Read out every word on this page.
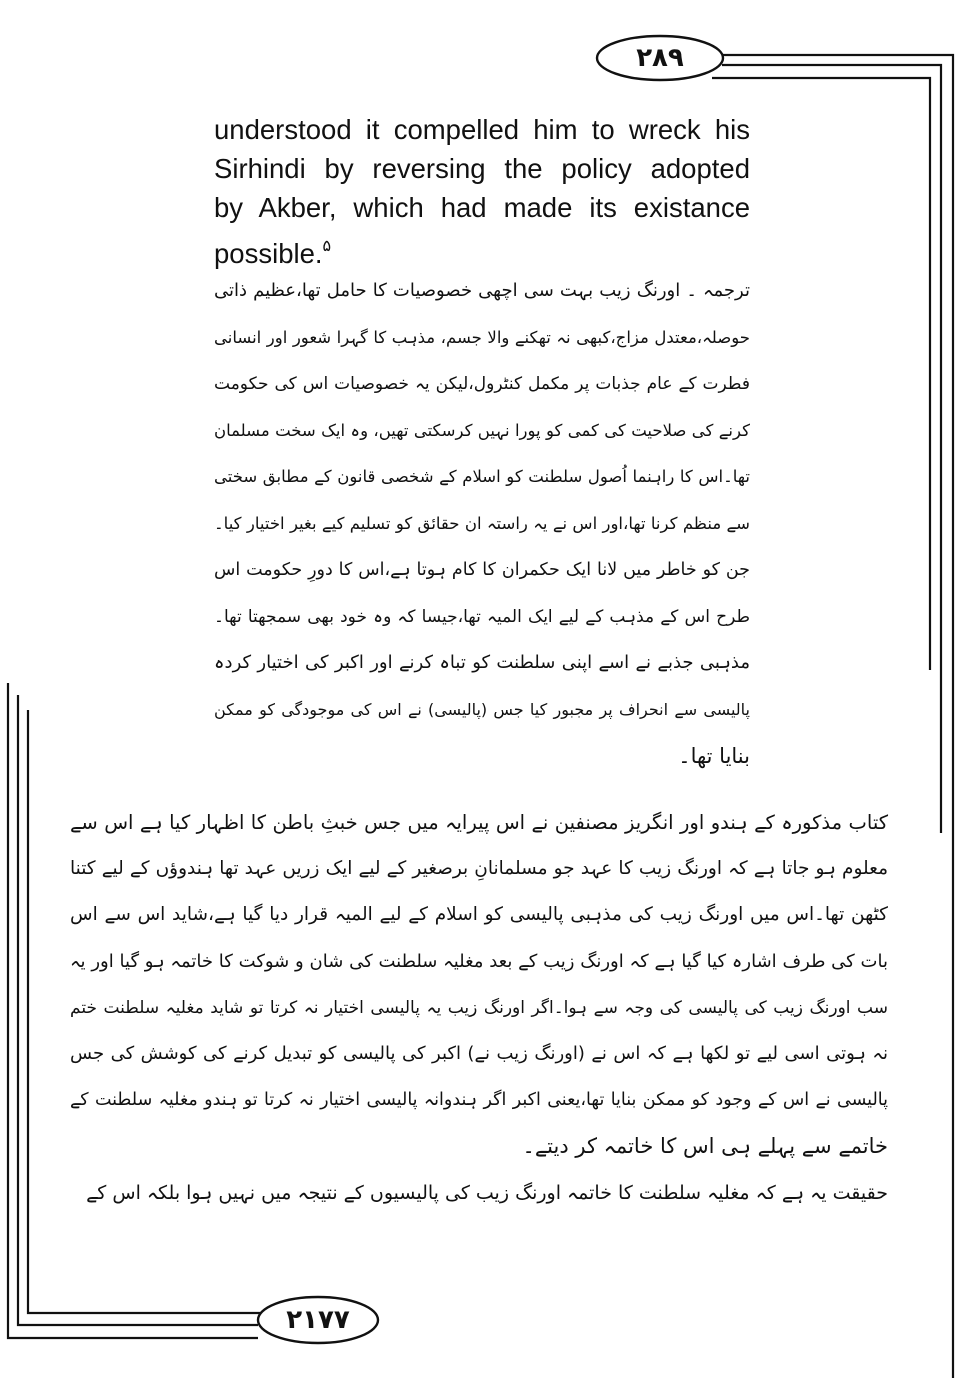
۲۸۹
۲۱۷۷
understood it compelled him to wreck his
Sirhindi by reversing the policy adopted
by Akber, which had made its existance
possible.$^۵$
ترجمہ ۔ اورنگ زیب بہت سی اچھی خصوصیات کا حامل تھا،عظیم ذاتی
حوصلہ،معتدل مزاج،کبھی نہ تھکنے والا جسم، مذہب کا گہرا شعور اور انسانی
فطرت کے عام جذبات پر مکمل کنٹرول،لیکن یہ خصوصیات اس کی حکومت
کرنے کی صلاحیت کی کمی کو پورا نہیں کرسکتی تھیں، وہ ایک سخت مسلمان
تھا۔اس کا راہنما اُصول سلطنت کو اسلام کے شخصی قانون کے مطابق سختی
سے منظم کرنا تھا،اور اس نے یہ راستہ ان حقائق کو تسلیم کیے بغیر اختیار کیا۔
جن کو خاطر میں لانا ایک حکمران کا کام ہوتا ہے،اس کا دورِ حکومت اس
طرح اس کے مذہب کے لیے ایک المیہ تھا،جیسا کہ وہ خود بھی سمجھتا تھا۔
مذہبی جذبے نے اسے اپنی سلطنت کو تباہ کرنے اور اکبر کی اختیار کردہ
پالیسی سے انحراف پر مجبور کیا جس (پالیسی) نے اس کی موجودگی کو ممکن
بنایا تھا۔
کتاب مذکورہ کے ہندو اور انگریز مصنفین نے اس پیرایہ میں جس خبثِ باطن کا اظہار کیا ہے اس سے
معلوم ہو جاتا ہے کہ اورنگ زیب کا عہد جو مسلمانانِ برصغیر کے لیے ایک زریں عہد تھا ہندوؤں کے لیے کتنا
کٹھن تھا۔اس میں اورنگ زیب کی مذہبی پالیسی کو اسلام کے لیے المیہ قرار دیا گیا ہے،شاید اس سے اس
بات کی طرف اشارہ کیا گیا ہے کہ اورنگ زیب کے بعد مغلیہ سلطنت کی شان و شوکت کا خاتمہ ہو گیا اور یہ
سب اورنگ زیب کی پالیسی کی وجہ سے ہوا۔اگر اورنگ زیب یہ پالیسی اختیار نہ کرتا تو شاید مغلیہ سلطنت ختم
نہ ہوتی اسی لیے تو لکھا ہے کہ اس نے (اورنگ زیب نے) اکبر کی پالیسی کو تبدیل کرنے کی کوشش کی جس
پالیسی نے اس کے وجود کو ممکن بنایا تھا،یعنی اکبر اگر ہندوانہ پالیسی اختیار نہ کرتا تو ہندو مغلیہ سلطنت کے
خاتمے سے پہلے ہی اس کا خاتمہ کر دیتے۔
حقیقت یہ ہے کہ مغلیہ سلطنت کا خاتمہ اورنگ زیب کی پالیسیوں کے نتیجہ میں نہیں ہوا بلکہ اس کے
